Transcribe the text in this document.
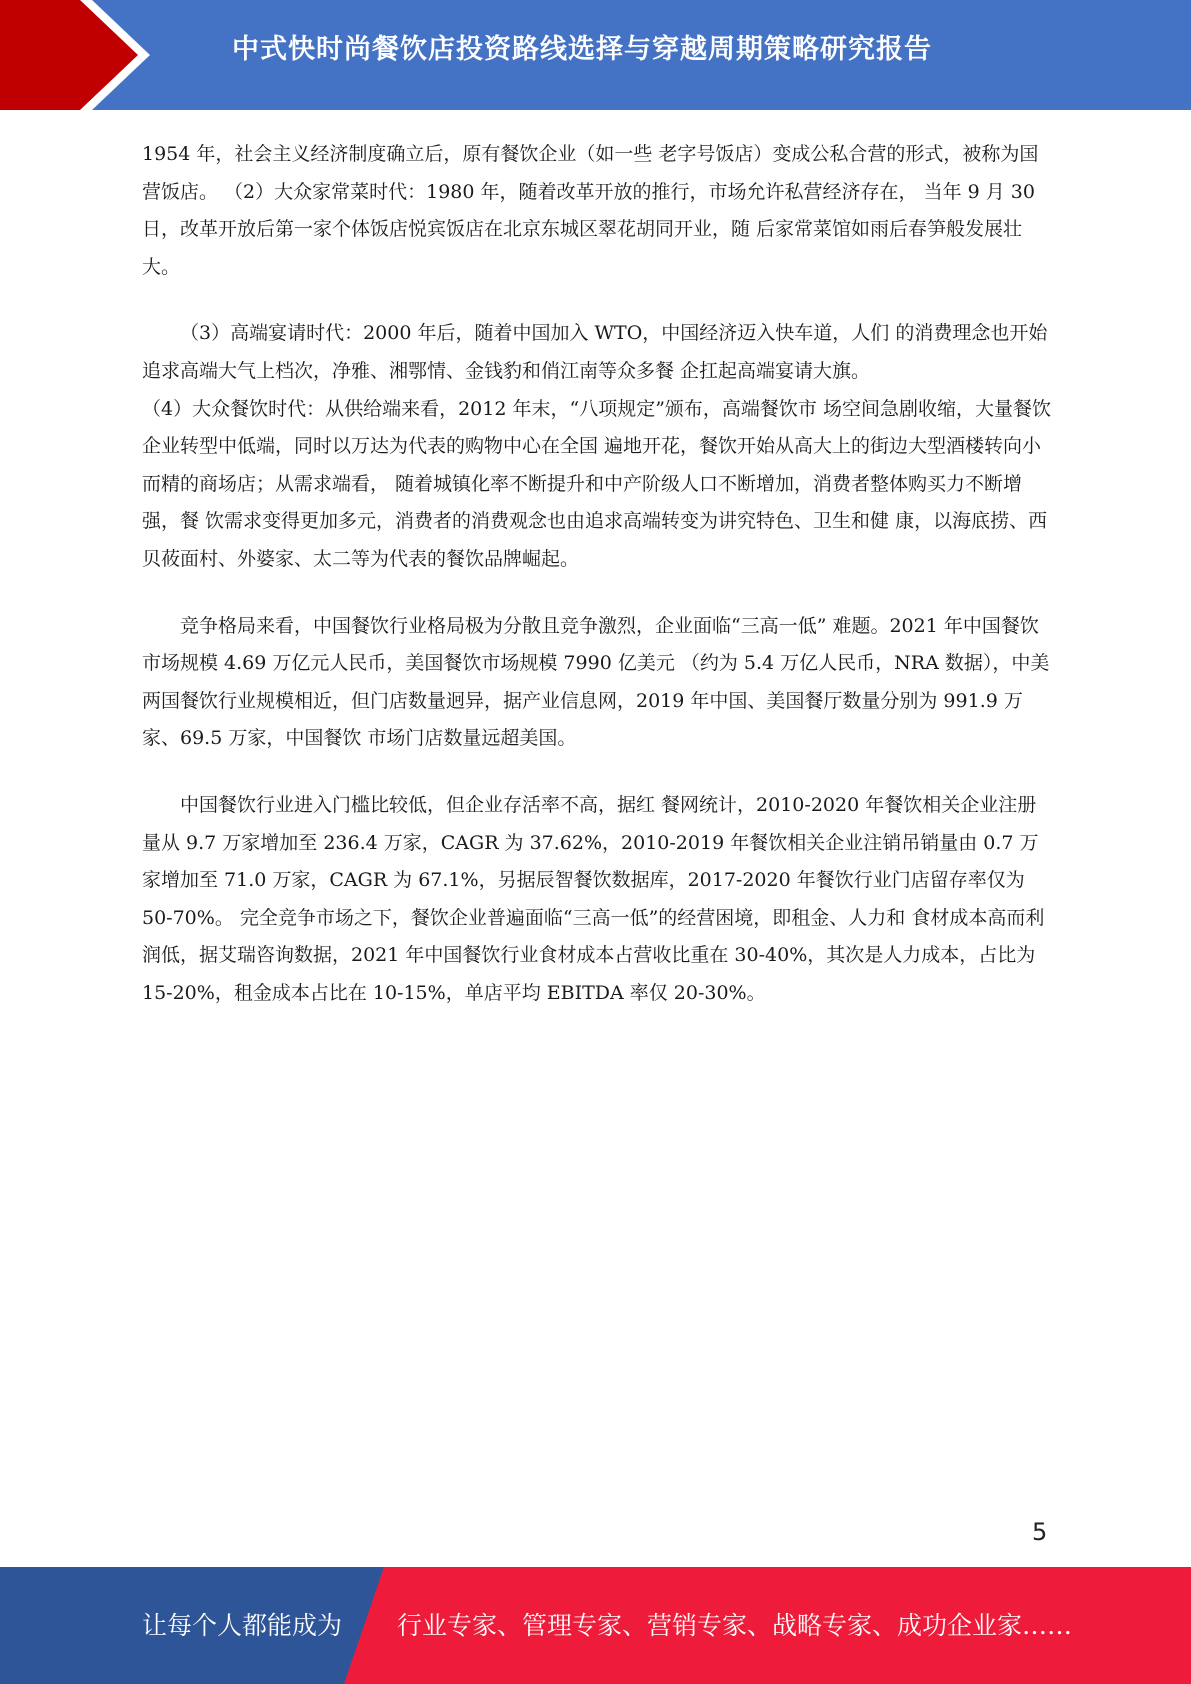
中式快时尚餐饮店投资路线选择与穿越周期策略研究报告

1954 年，社会主义经济制度确立后，原有餐饮企业（如一些 老字号饭店）变成公私合营的形式，被称为国营饭店。 （2）大众家常菜时代：1980 年，随着改革开放的推行，市场允许私营经济存在， 当年 9 月 30 日，改革开放后第一家个体饭店悦宾饭店在北京东城区翠花胡同开业，随 后家常菜馆如雨后春笋般发展壮大。

（3）高端宴请时代：2000 年后，随着中国加入 WTO，中国经济迈入快车道，人们 的消费理念也开始追求高端大气上档次，净雅、湘鄂情、金钱豹和俏江南等众多餐 企扛起高端宴请大旗。

（4）大众餐饮时代：从供给端来看，2012 年末，“八项规定”颁布，高端餐饮市 场空间急剧收缩，大量餐饮企业转型中低端，同时以万达为代表的购物中心在全国 遍地开花，餐饮开始从高大上的街边大型酒楼转向小而精的商场店；从需求端看， 随着城镇化率不断提升和中产阶级人口不断增加，消费者整体购买力不断增强，餐 饮需求变得更加多元，消费者的消费观念也由追求高端转变为讲究特色、卫生和健 康，以海底捞、西贝莜面村、外婆家、太二等为代表的餐饮品牌崛起。

竞争格局来看，中国餐饮行业格局极为分散且竞争激烈，企业面临“三高一低” 难题。2021 年中国餐饮市场规模 4.69 万亿元人民币，美国餐饮市场规模 7990 亿美元 （约为 5.4 万亿人民币，NRA 数据），中美两国餐饮行业规模相近，但门店数量迥异，据产业信息网，2019 年中国、美国餐厅数量分别为 991.9 万家、69.5 万家，中国餐饮 市场门店数量远超美国。

中国餐饮行业进入门槛比较低，但企业存活率不高，据红 餐网统计，2010-2020 年餐饮相关企业注册量从 9.7 万家增加至 236.4 万家，CAGR 为 37.62%，2010-2019 年餐饮相关企业注销吊销量由 0.7 万家增加至 71.0 万家，CAGR 为 67.1%，另据辰智餐饮数据库，2017-2020 年餐饮行业门店留存率仅为 50-70%。 完全竞争市场之下，餐饮企业普遍面临“三高一低”的经营困境，即租金、人力和 食材成本高而利润低，据艾瑞咨询数据，2021 年中国餐饮行业食材成本占营收比重在 30-40%，其次是人力成本，占比为 15-20%，租金成本占比在 10-15%，单店平均 EBITDA 率仅 20-30%。

5
让每个人都能成为 行业专家、管理专家、营销专家、战略专家、成功企业家……
